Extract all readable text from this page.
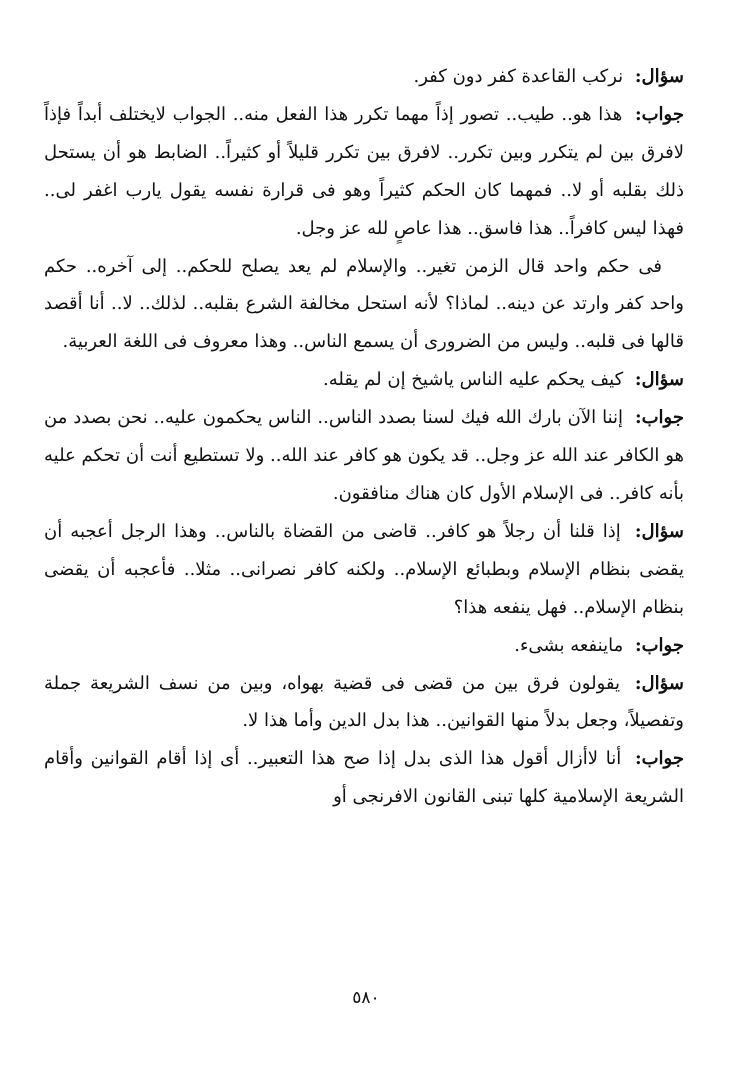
سؤال: نركب القاعدة كفر دون كفر.

جواب: هذا هو.. طيب.. تصور إذاً مهما تكرر هذا الفعل منه.. الجواب لايختلف أبداً فإذاً لافرق بين لم يتكرر وبين تكرر.. لافرق بين تكرر قليلاً أو كثيراً.. الضابط هو أن يستحل ذلك بقلبه أو لا.. فمهما كان الحكم كثيراً وهو فى قرارة نفسه يقول يارب اغفر لى.. فهذا ليس كافراً.. هذا فاسق.. هذا عاصٍ لله عز وجل.

فى حكم واحد قال الزمن تغير.. والإسلام لم يعد يصلح للحكم.. إلى آخره.. حكم واحد كفر وارتد عن دينه.. لماذا؟ لأنه استحل مخالفة الشرع بقلبه.. لذلك.. لا.. أنا أقصد قالها فى قلبه.. وليس من الضرورى أن يسمع الناس.. وهذا معروف فى اللغة العربية.

سؤال: كيف يحكم عليه الناس ياشيخ إن لم يقله.

جواب: إننا الآن بارك الله فيك لسنا بصدد الناس.. الناس يحكمون عليه.. نحن بصدد من هو الكافر عند الله عز وجل.. قد يكون هو كافر عند الله.. ولا تستطيع أنت أن تحكم عليه بأنه كافر.. فى الإسلام الأول كان هناك منافقون.

سؤال: إذا قلنا أن رجلاً هو كافر.. قاضى من القضاة بالناس.. وهذا الرجل أعجبه أن يقضى بنظام الإسلام وبطبائع الإسلام.. ولكنه كافر نصرانى.. مثلا.. فأعجبه أن يقضى بنظام الإسلام.. فهل ينفعه هذا؟

جواب: ماينفعه بشىء.

سؤال: يقولون فرق بين من قضى فى قضية بهواه، وبين من نسف الشريعة جملة وتفصيلاً، وجعل بدلاً منها القوانين.. هذا بدل الدين وأما هذا لا.

جواب: أنا لاأزال أقول هذا الذى بدل إذا صح هذا التعبير.. أى إذا أقام القوانين وأقام الشريعة الإسلامية كلها تبنى القانون الافرنجى أو

٥٨٠
